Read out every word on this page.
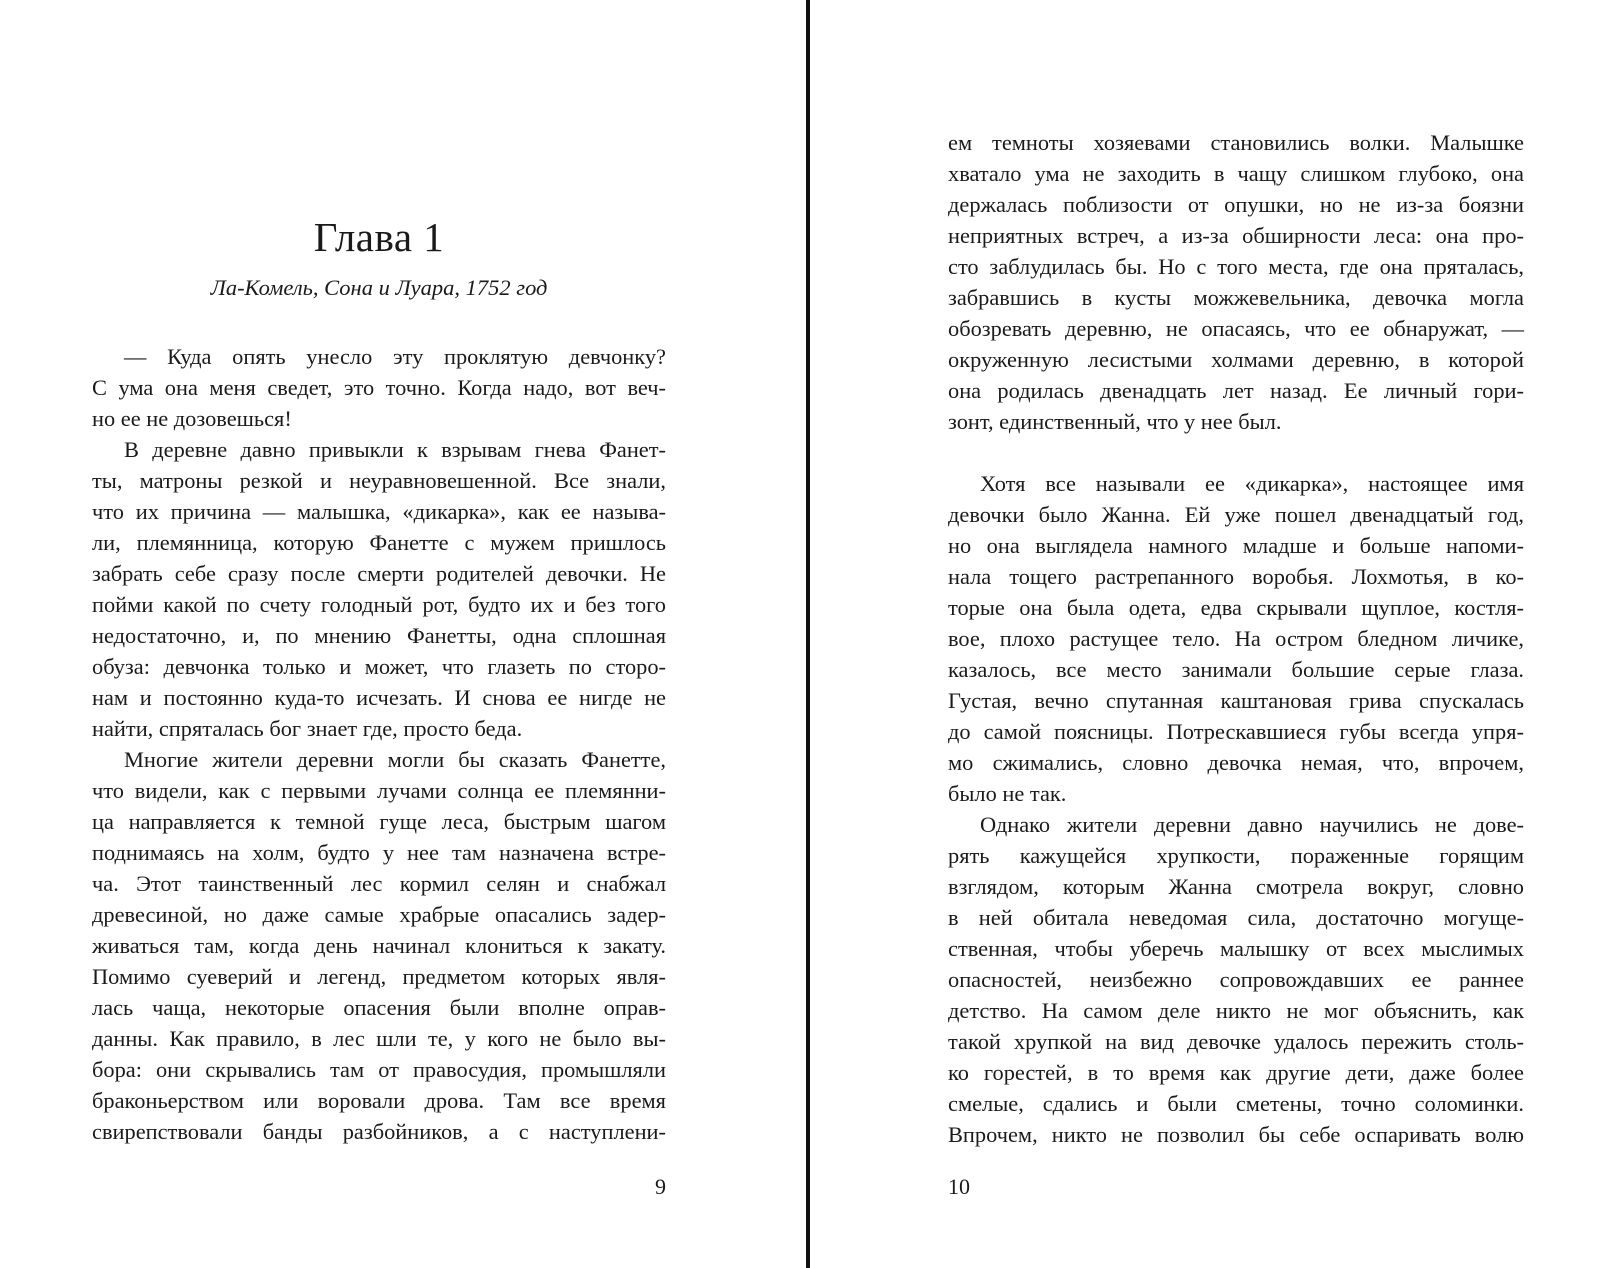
Глава 1

Ла-Комель, Сона и Луара, 1752 год

— Куда опять унесло эту проклятую девчонку?
С ума она меня сведет, это точно. Когда надо, вот веч-
но ее не дозовешься!
В деревне давно привыкли к взрывам гнева Фанет-
ты, матроны резкой и неуравновешенной. Все знали,
что их причина — малышка, «дикарка», как ее называ-
ли, племянница, которую Фанетте с мужем пришлось
забрать себе сразу после смерти родителей девочки. Не
пойми какой по счету голодный рот, будто их и без того
недостаточно, и, по мнению Фанетты, одна сплошная
обуза: девчонка только и может, что глазеть по сторо-
нам и постоянно куда-то исчезать. И снова ее нигде не
найти, спряталась бог знает где, просто беда.
Многие жители деревни могли бы сказать Фанетте,
что видели, как с первыми лучами солнца ее племянни-
ца направляется к темной гуще леса, быстрым шагом
поднимаясь на холм, будто у нее там назначена встре-
ча. Этот таинственный лес кормил селян и снабжал
древесиной, но даже самые храбрые опасались задер-
живаться там, когда день начинал клониться к закату.
Помимо суеверий и легенд, предметом которых явля-
лась чаща, некоторые опасения были вполне оправ-
данны. Как правило, в лес шли те, у кого не было вы-
бора: они скрывались там от правосудия, промышляли
браконьерством или воровали дрова. Там все время
свирепствовали банды разбойников, а с наступлени-
9
ем темноты хозяевами становились волки. Малышке
хватало ума не заходить в чащу слишком глубоко, она
держалась поблизости от опушки, но не из-за боязни
неприятных встреч, а из-за обширности леса: она про-
сто заблудилась бы. Но с того места, где она пряталась,
забравшись в кусты можжевельника, девочка могла
обозревать деревню, не опасаясь, что ее обнаружат, —
окруженную лесистыми холмами деревню, в которой
она родилась двенадцать лет назад. Ее личный гори-
зонт, единственный, что у нее был.
Хотя все называли ее «дикарка», настоящее имя
девочки было Жанна. Ей уже пошел двенадцатый год,
но она выглядела намного младше и больше напоми-
нала тощего растрепанного воробья. Лохмотья, в ко-
торые она была одета, едва скрывали щуплое, костля-
вое, плохо растущее тело. На остром бледном личике,
казалось, все место занимали большие серые глаза.
Густая, вечно спутанная каштановая грива спускалась
до самой поясницы. Потрескавшиеся губы всегда упря-
мо сжимались, словно девочка немая, что, впрочем,
было не так.
Однако жители деревни давно научились не дове-
рять кажущейся хрупкости, пораженные горящим
взглядом, которым Жанна смотрела вокруг, словно
в ней обитала неведомая сила, достаточно могуще-
ственная, чтобы уберечь малышку от всех мыслимых
опасностей, неизбежно сопровождавших ее раннее
детство. На самом деле никто не мог объяснить, как
такой хрупкой на вид девочке удалось пережить столь-
ко горестей, в то время как другие дети, даже более
смелые, сдались и были сметены, точно соломинки.
Впрочем, никто не позволил бы себе оспаривать волю
10
